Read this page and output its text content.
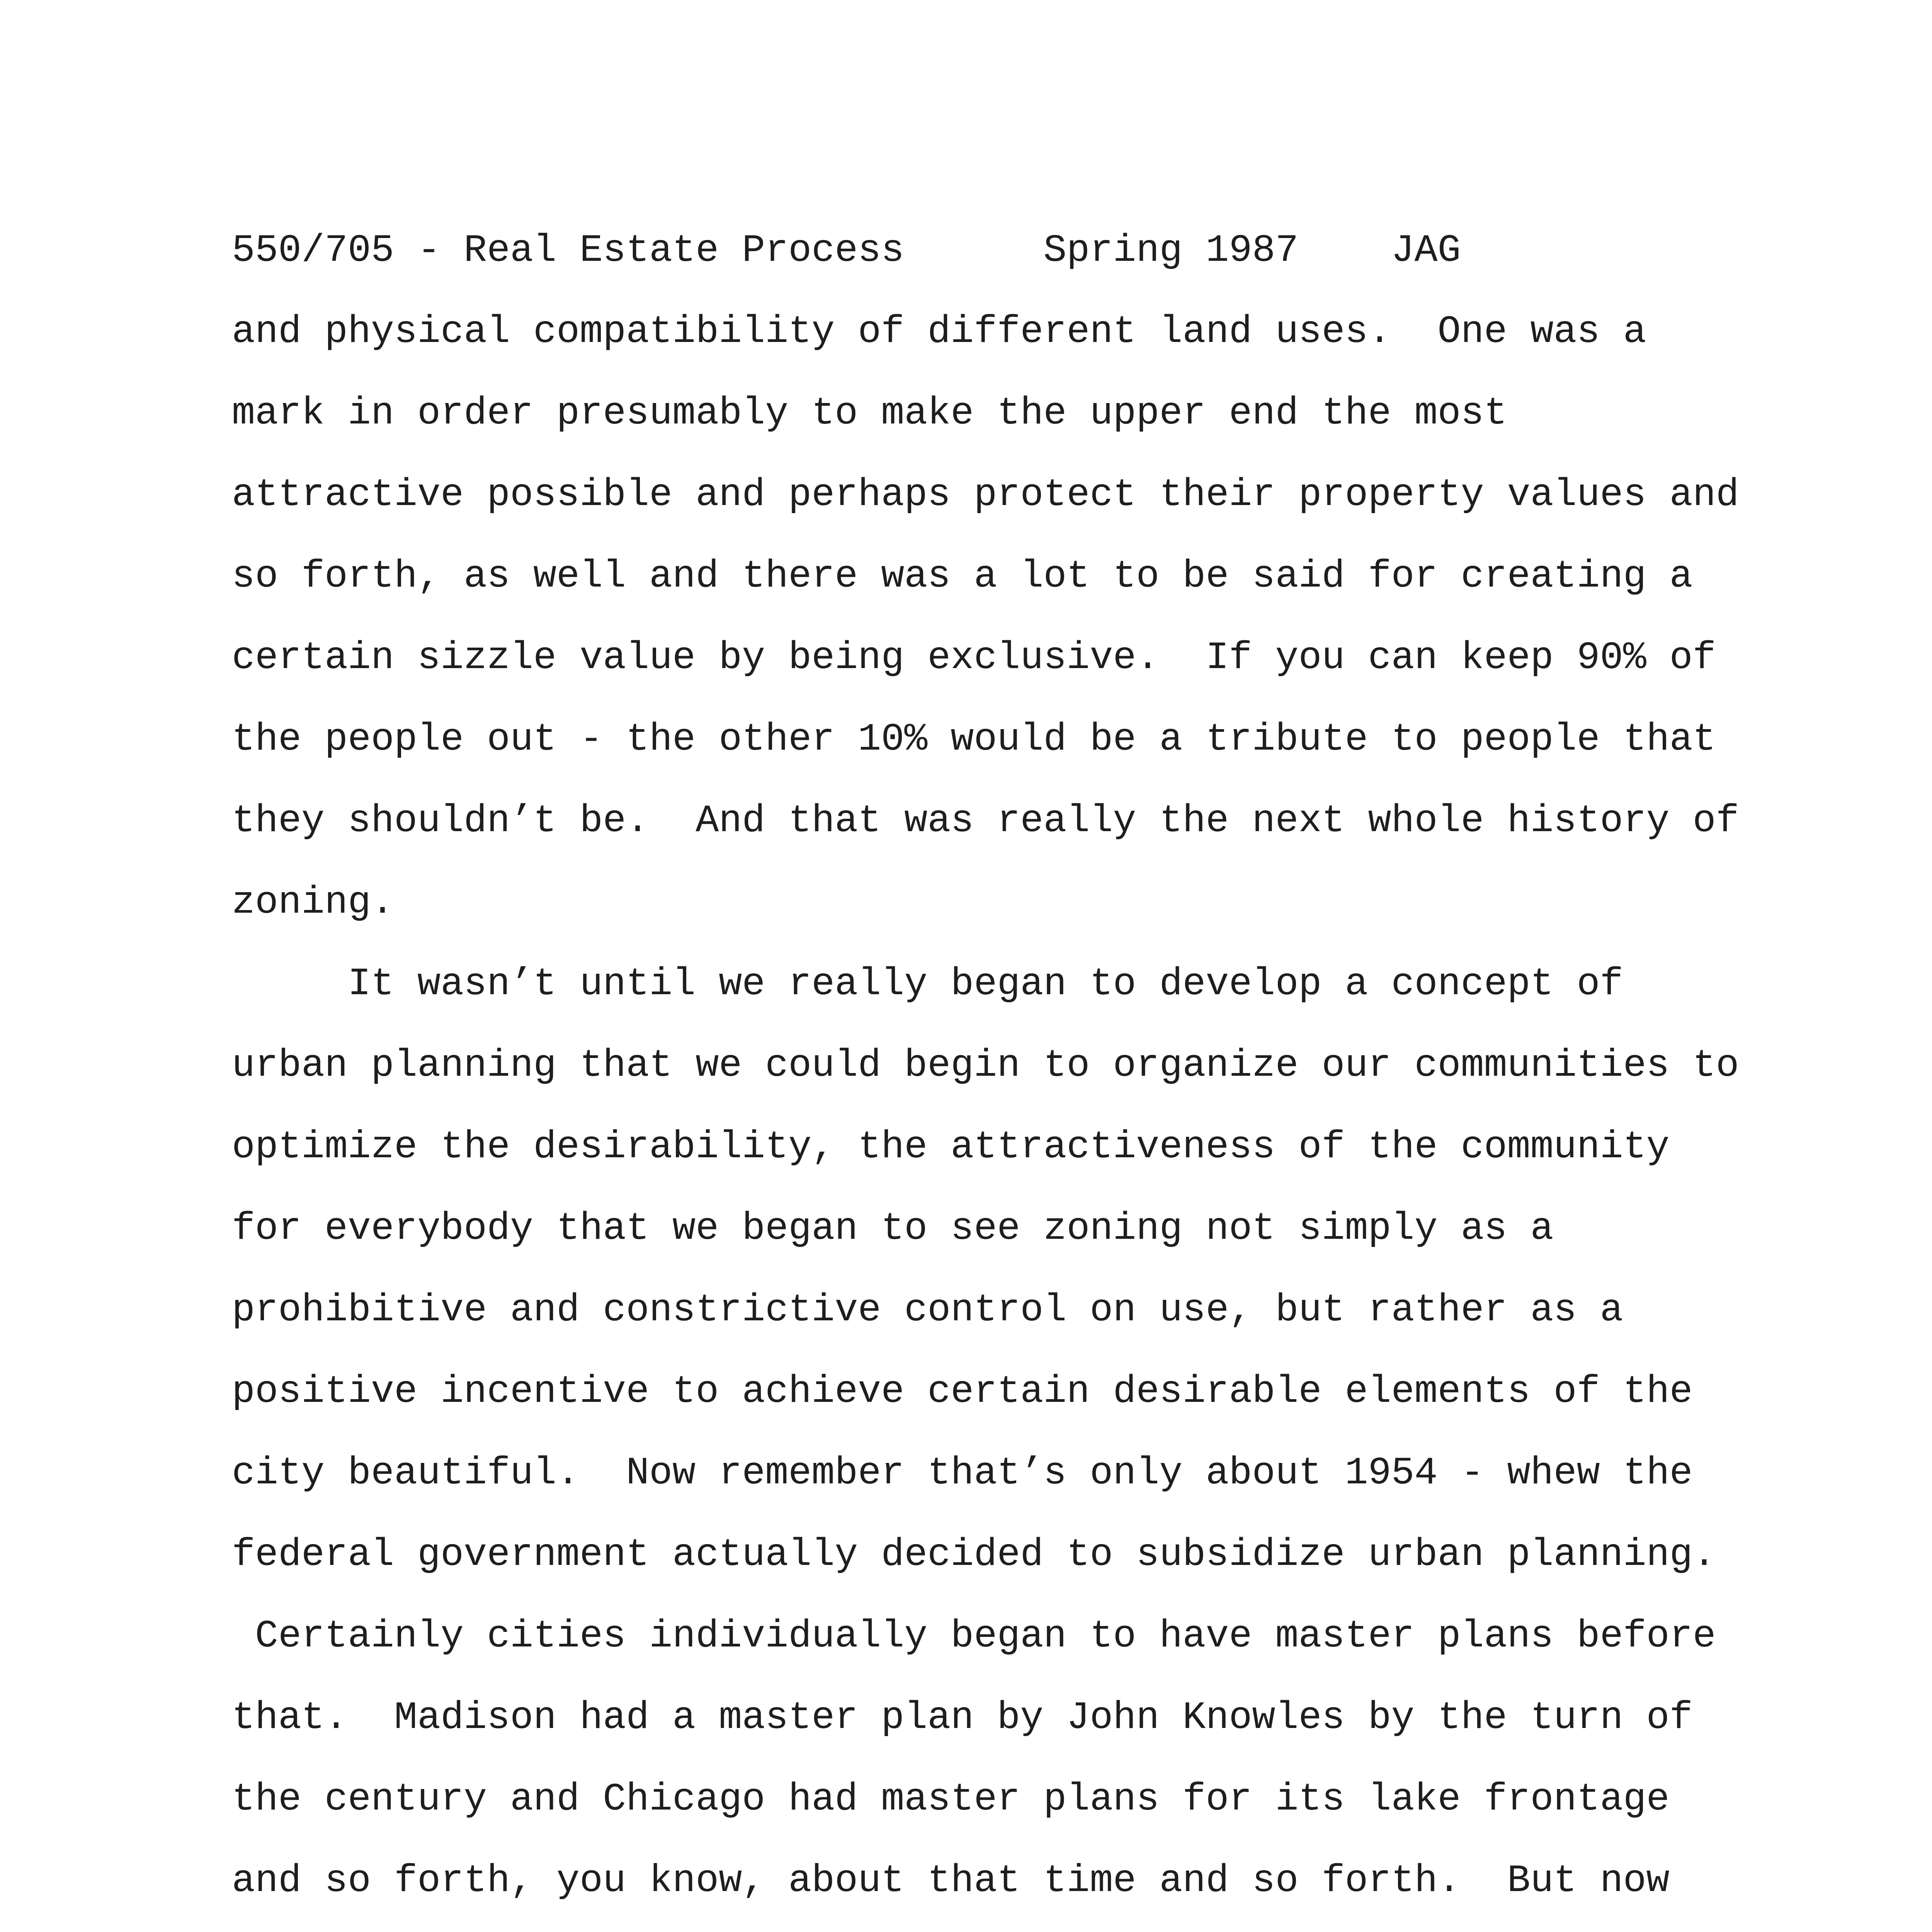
550/705 - Real Estate Process	Spring 1987 JAG
and physical compatibility of different land uses.  One was a
mark in order presumably to make the upper end the most
attractive possible and perhaps protect their property values and
so forth, as well and there was a lot to be said for creating a
certain sizzle value by being exclusive.  If you can keep 90% of
the people out - the other 10% would be a tribute to people that
they shouldn’t be.  And that was really the next whole history of
zoning.
It wasn’t until we really began to develop a concept of
urban planning that we could begin to organize our communities to
optimize the desirability, the attractiveness of the community
for everybody that we began to see zoning not simply as a
prohibitive and constrictive control on use, but rather as a
positive incentive to achieve certain desirable elements of the
city beautiful.  Now remember that’s only about 1954 - whew the
federal government actually decided to subsidize urban planning.
Certainly cities individually began to have master plans before
that.  Madison had a master plan by John Knowles by the turn of
the century and Chicago had master plans for its lake frontage
and so forth, you know, about that time and so forth.  But now
